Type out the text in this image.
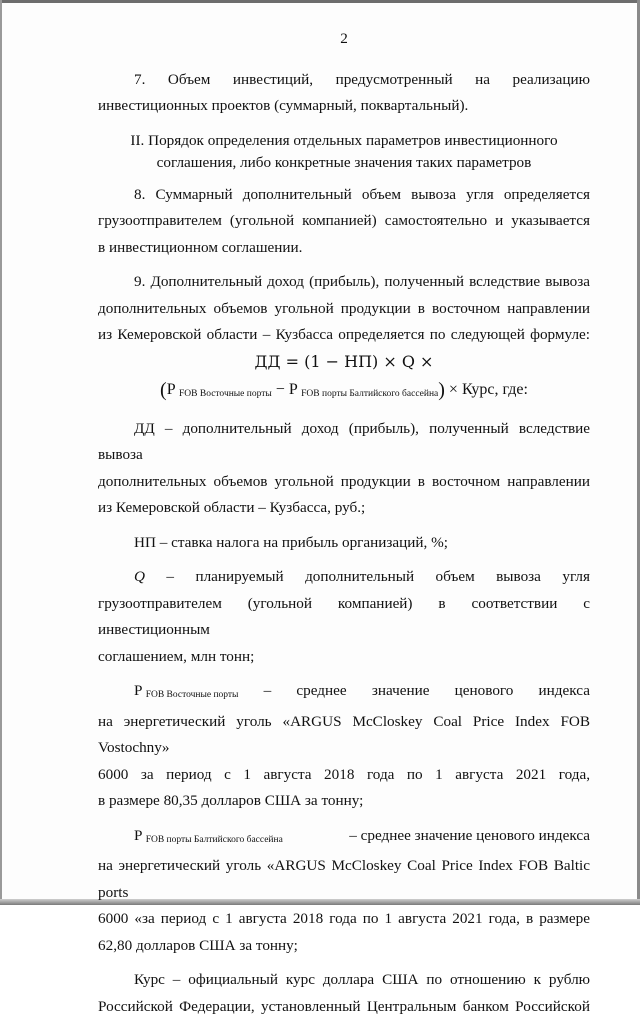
2
7. Объем инвестиций, предусмотренный на реализацию

инвестиционных проектов (суммарный, поквартальный).

II. Порядок определения отдельных параметров инвестиционного соглашения, либо конкретные значения таких параметров

8. Суммарный дополнительный объем вывоза угля определяется

грузоотправителем (угольной компанией) самостоятельно и указывается

в инвестиционном соглашении.

9. Дополнительный доход (прибыль), полученный вследствие вывоза

дополнительных объемов угольной продукции в восточном направлении

из Кемеровской области – Кузбасса определяется по следующей формуле:

ДД = (1 − НП) × Q ×

(P $_{FOB Восточные порты}$ − P $_{FOB порты Балтийского бассейна}$) × Курс, где:

ДД – дополнительный доход (прибыль), полученный вследствие вывоза

дополнительных объемов угольной продукции в восточном направлении

из Кемеровской области – Кузбасса, руб.;

НП – ставка налога на прибыль организаций, %;

Q – планируемый дополнительный объем вывоза угля

грузоотправителем (угольной компанией) в соответствии с инвестиционным

соглашением, млн тонн;

P $_{FOB Восточные порты}$ – среднее значение ценового индекса

на энергетический уголь «ARGUS McCloskey Coal Price Index FOB Vostochny»

6000 за период с 1 августа 2018 года по 1 августа 2021 года,

в размере 80,35 долларов США за тонну;

P $_{FOB порты Балтийского бассейна}$	– среднее значение ценового индекса

на энергетический уголь «ARGUS McCloskey Coal Price Index FOB Baltic ports

6000 «за период с 1 августа 2018 года по 1 августа 2021 года, в размере

62,80 долларов США за тонну;

Курс – официальный курс доллара США по отношению к рублю

Российской Федерации, установленный Центральным банком Российской
